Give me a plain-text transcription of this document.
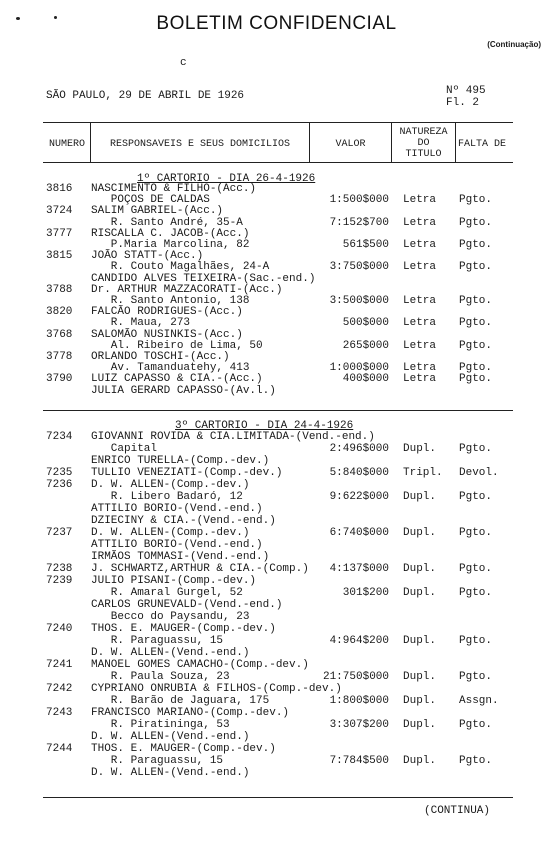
BOLETIM CONFIDENCIAL
(Continuação)
c
SÃO PAULO, 29 DE ABRIL DE 1926	Nº 495
Fl. 2
NUMERO	RESPONSAVEIS E SEUS DOMICILIOS	VALOR
NATUREZA
DO
TITULO
FALTA DE
1º CARTORIO - DIA 26-4-1926
3816	NASCIMENTO & FILHO-(Acc.)
POÇOS DE CALDAS	1:500$000 Letra	Pgto.
3724	SALIM GABRIEL-(Acc.)
R. Santo André, 35-A	7:152$700 Letra	Pgto.
3777	RISCALLA C. JACOB-(Acc.)
P.Maria Marcolina, 82	561$500 Letra	Pgto.
3815	JOÃO STATT-(Acc.)
R. Couto Magalhães, 24-A	3:750$000 Letra	Pgto.
CANDIDO ALVES TEIXEIRA-(Sac.-end.)
3788	Dr. ARTHUR MAZZACORATI-(Acc.)
R. Santo Antonio, 138	3:500$000 Letra	Pgto.
3820	FALCÃO RODRIGUES-(Acc.)
R. Maua, 273	500$000 Letra	Pgto.
3768	SALOMÃO NUSINKIS-(Acc.)
Al. Ribeiro de Lima, 50	265$000 Letra	Pgto.
3778	ORLANDO TOSCHI-(Acc.)
Av. Tamanduatehy, 413	1:000$000 Letra	Pgto.
3790	LUIZ CAPASSO & CIA.-(Acc.)	400$000 Letra	Pgto.
JULIA GERARD CAPASSO-(Av.l.)
3º CARTORIO - DIA 24-4-1926
7234	GIOVANNI ROVIDA & CIA.LIMITADA-(Vend.-end.)
Capital	2:496$000 Dupl.	Pgto.
ENRICO TURELLA-(Comp.-dev.)
7235	TULLIO VENEZIATI-(Comp.-dev.)	5:840$000 Tripl.	Devol.
7236	D. W. ALLEN-(Comp.-dev.)
R. Libero Badaró, 12	9:622$000 Dupl.	Pgto.
ATTILIO BORIO-(Vend.-end.)
DZIECINY & CIA.-(Vend.-end.)
7237	D. W. ALLEN-(Comp.-dev.)	6:740$000 Dupl.	Pgto.
ATTILIO BORIO-(Vend.-end.)
IRMÃOS TOMMASI-(Vend.-end.)
7238	J. SCHWARTZ,ARTHUR & CIA.-(Comp.)	4:137$000 Dupl.	Pgto.
7239	JULIO PISANI-(Comp.-dev.)
R. Amaral Gurgel, 52	301$200 Dupl.	Pgto.
CARLOS GRUNEVALD-(Vend.-end.)
Becco do Paysandu, 23
7240	THOS. E. MAUGER-(Comp.-dev.)
R. Paraguassu, 15	4:964$200 Dupl.	Pgto.
D. W. ALLEN-(Vend.-end.)
7241	MANOEL GOMES CAMACHO-(Comp.-dev.)
R. Paula Souza, 23	21:750$000 Dupl.	Pgto.
7242	CYPRIANO ONRUBIA & FILHOS-(Comp.-dev.)
R. Barão de Jaguara, 175	1:800$000 Dupl.	Assgn.
7243	FRANCISCO MARIANO-(Comp.-dev.)
R. Piratininga, 53	3:307$200 Dupl.	Pgto.
D. W. ALLEN-(Vend.-end.)
7244	THOS. E. MAUGER-(Comp.-dev.)
R. Paraguassu, 15	7:784$500 Dupl.	Pgto.
D. W. ALLEN-(Vend.-end.)
(CONTINUA)
